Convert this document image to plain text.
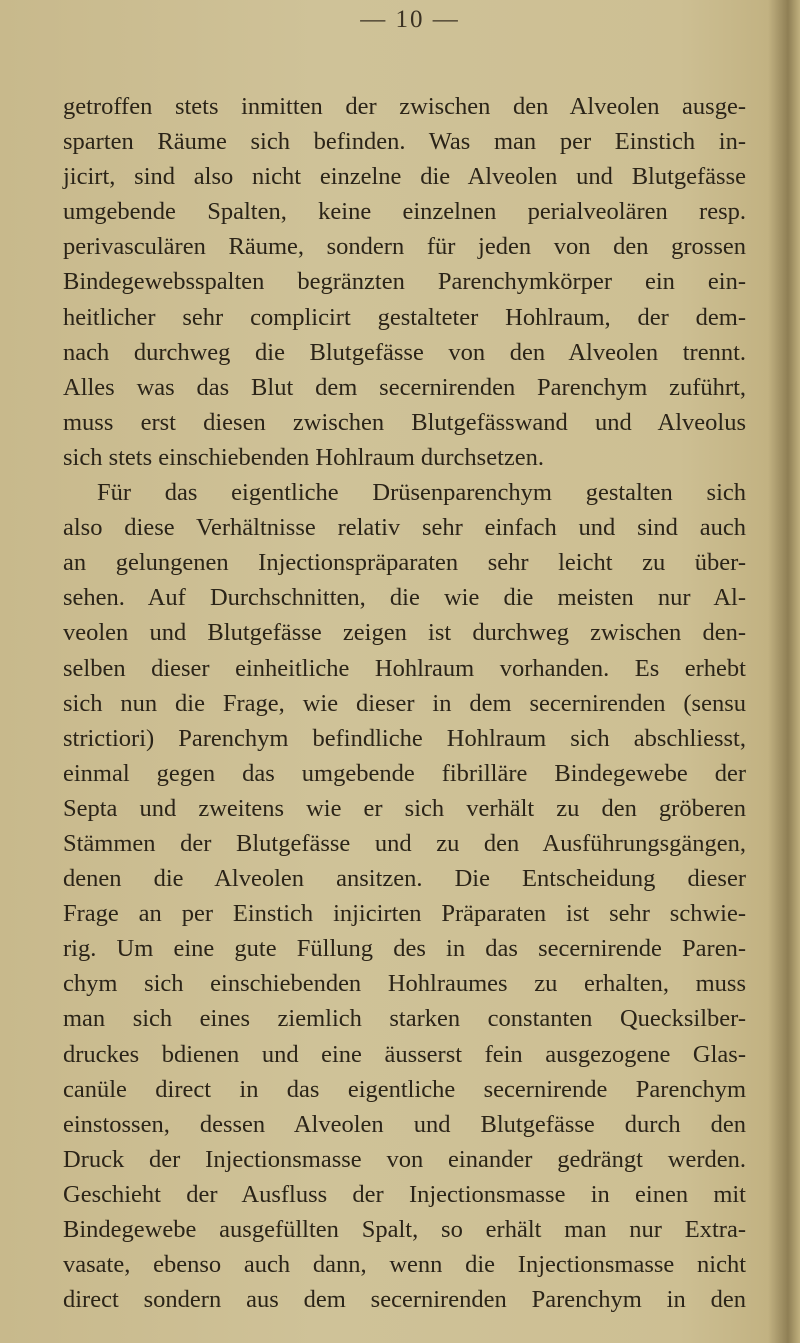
— 10 —
getroffen stets inmitten der zwischen den Alveolen ausge-
sparten Räume sich befinden. Was man per Einstich in-
jicirt, sind also nicht einzelne die Alveolen und Blutgefässe
umgebende Spalten, keine einzelnen perialveolären resp.
perivasculären Räume, sondern für jeden von den grossen
Bindegewebsspalten begränzten Parenchymkörper ein ein-
heitlicher sehr complicirt gestalteter Hohlraum, der dem-
nach durchweg die Blutgefässe von den Alveolen trennt.
Alles was das Blut dem secernirenden Parenchym zuführt,
muss erst diesen zwischen Blutgefässwand und Alveolus
sich stets einschiebenden Hohlraum durchsetzen.
Für das eigentliche Drüsenparenchym gestalten sich
also diese Verhältnisse relativ sehr einfach und sind auch
an gelungenen Injectionspräparaten sehr leicht zu über-
sehen. Auf Durchschnitten, die wie die meisten nur Al-
veolen und Blutgefässe zeigen ist durchweg zwischen den-
selben dieser einheitliche Hohlraum vorhanden. Es erhebt
sich nun die Frage, wie dieser in dem secernirenden (sensu
strictiori) Parenchym befindliche Hohlraum sich abschliesst,
einmal gegen das umgebende fibrilläre Bindegewebe der
Septa und zweitens wie er sich verhält zu den gröberen
Stämmen der Blutgefässe und zu den Ausführungsgängen,
denen die Alveolen ansitzen. Die Entscheidung dieser
Frage an per Einstich injicirten Präparaten ist sehr schwie-
rig. Um eine gute Füllung des in das secernirende Paren-
chym sich einschiebenden Hohlraumes zu erhalten, muss
man sich eines ziemlich starken constanten Quecksilber-
druckes bdienen und eine äusserst fein ausgezogene Glas-
canüle direct in das eigentliche secernirende Parenchym
einstossen, dessen Alveolen und Blutgefässe durch den
Druck der Injectionsmasse von einander gedrängt werden.
Geschieht der Ausfluss der Injectionsmasse in einen mit
Bindegewebe ausgefüllten Spalt, so erhält man nur Extra-
vasate, ebenso auch dann, wenn die Injectionsmasse nicht
direct sondern aus dem secernirenden Parenchym in den
